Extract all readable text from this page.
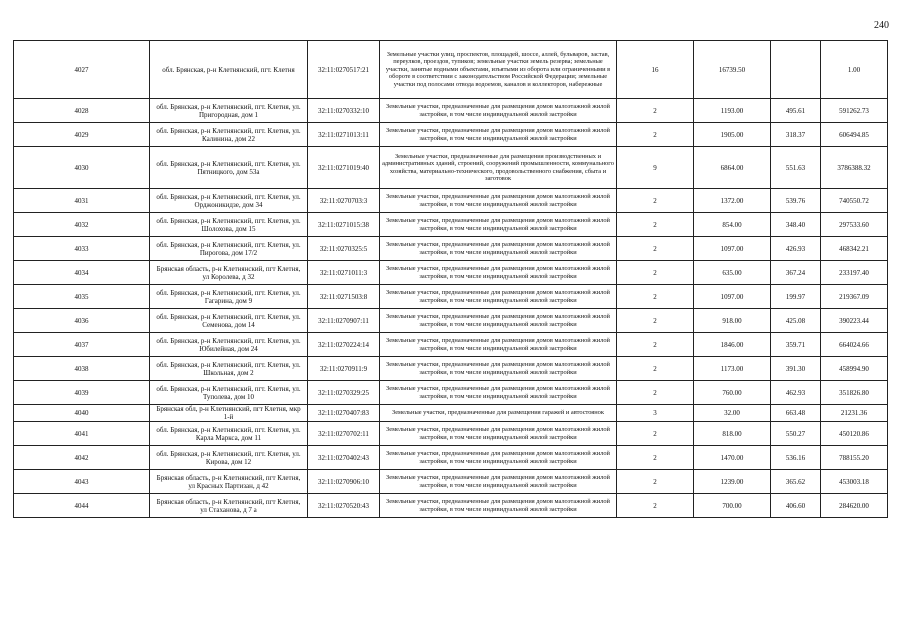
240
4027	обл. Брянская, р-н Клетнянский, пгт. Клетня	32:11:0270517:21	Земельные участки улиц, проспектов, площадей, шоссе, аллей, бульваров, застав, переулков, проездов, тупиков; земельные участки земель резерва; земельные участки, занятые водными объектами, изъятыми из оборота или ограниченными в обороте в соответствии с законодательством Российской Федерации; земельные участки под полосами отвода водоемов, каналов и коллекторов, набережные	16	16739.50		1.00
4028	обл. Брянская, р-н Клетнянский, пгт. Клетня, ул. Пригородная, дом 1	32:11:0270332:10	Земельные участки, предназначенные для размещения домов малоэтажной жилой застройки, в том числе индивидуальной жилой застройки	2	1193.00	495.61	591262.73
4029	обл. Брянская, р-н Клетнянский, пгт. Клетня, ул. Калинина, дом 22	32:11:0271013:11	Земельные участки, предназначенные для размещения домов малоэтажной жилой застройки, в том числе индивидуальной жилой застройки	2	1905.00	318.37	606494.85
4030	обл. Брянская, р-н Клетнянский, пгт. Клетня, ул. Пятницкого, дом 53а	32:11:0271019:40	Земельные участки, предназначенные для размещения производственных и административных зданий, строений, сооружений промышленности, коммунального хозяйства, материально-технического, продовольственного снабжения, сбыта и заготовок	9	6864.00	551.63	3786388.32
4031	обл. Брянская, р-н Клетнянский, пгт. Клетня, ул. Орджоникидзе, дом 34	32:11:0270703:3	Земельные участки, предназначенные для размещения домов малоэтажной жилой застройки, в том числе индивидуальной жилой застройки	2	1372.00	539.76	740550.72
4032	обл. Брянская, р-н Клетнянский, пгт. Клетня, ул. Шолохова, дом 15	32:11:0271015:38	Земельные участки, предназначенные для размещения домов малоэтажной жилой застройки, в том числе индивидуальной жилой застройки	2	854.00	348.40	297533.60
4033	обл. Брянская, р-н Клетнянский, пгт. Клетня, ул. Пирогова, дом 17/2	32:11:0270325:5	Земельные участки, предназначенные для размещения домов малоэтажной жилой застройки, в том числе индивидуальной жилой застройки	2	1097.00	426.93	468342.21
4034	Брянская область, р-н Клетнянский, пгт Клетня, ул Королева, д 32	32:11:0271011:3	Земельные участки, предназначенные для размещения домов малоэтажной жилой застройки, в том числе индивидуальной жилой застройки	2	635.00	367.24	233197.40
4035	обл. Брянская, р-н Клетнянский, пгт. Клетня, ул. Гагарина, дом 9	32:11:0271503:8	Земельные участки, предназначенные для размещения домов малоэтажной жилой застройки, в том числе индивидуальной жилой застройки	2	1097.00	199.97	219367.09
4036	обл. Брянская, р-н Клетнянский, пгт. Клетня, ул. Семенова, дом 14	32:11:0270907:11	Земельные участки, предназначенные для размещения домов малоэтажной жилой застройки, в том числе индивидуальной жилой застройки	2	918.00	425.08	390223.44
4037	обл. Брянская, р-н Клетнянский, пгт. Клетня, ул. Юбилейная, дом 24	32:11:0270224:14	Земельные участки, предназначенные для размещения домов малоэтажной жилой застройки, в том числе индивидуальной жилой застройки	2	1846.00	359.71	664024.66
4038	обл. Брянская, р-н Клетнянский, пгт. Клетня, ул. Школьная, дом 2	32:11:0270911:9	Земельные участки, предназначенные для размещения домов малоэтажной жилой застройки, в том числе индивидуальной жилой застройки	2	1173.00	391.30	458994.90
4039	обл. Брянская, р-н Клетнянский, пгт. Клетня, ул. Туполева, дом 10	32:11:0270329:25	Земельные участки, предназначенные для размещения домов малоэтажной жилой застройки, в том числе индивидуальной жилой застройки	2	760.00	462.93	351826.80
4040	Брянская обл, р-н Клетнянский, пгт Клетня, мкр 1-й	32:11:0270407:83	Земельные участки, предназначенные для размещения гаражей и автостоянок	3	32.00	663.48	21231.36
4041	обл. Брянская, р-н Клетнянский, пгт. Клетня, ул. Карла Маркса, дом 11	32:11:0270702:11	Земельные участки, предназначенные для размещения домов малоэтажной жилой застройки, в том числе индивидуальной жилой застройки	2	818.00	550.27	450120.86
4042	обл. Брянская, р-н Клетнянский, пгт. Клетня, ул. Кирова, дом 12	32:11:0270402:43	Земельные участки, предназначенные для размещения домов малоэтажной жилой застройки, в том числе индивидуальной жилой застройки	2	1470.00	536.16	788155.20
4043	Брянская область, р-н Клетнянский, пгт Клетня, ул Красных Партизан, д 42	32:11:0270906:10	Земельные участки, предназначенные для размещения домов малоэтажной жилой застройки, в том числе индивидуальной жилой застройки	2	1239.00	365.62	453003.18
4044	Брянская область, р-н Клетнянский, пгт Клетня, ул Стаханова, д 7 а	32:11:0270520:43	Земельные участки, предназначенные для размещения домов малоэтажной жилой застройки, в том числе индивидуальной жилой застройки	2	700.00	406.60	284620.00
